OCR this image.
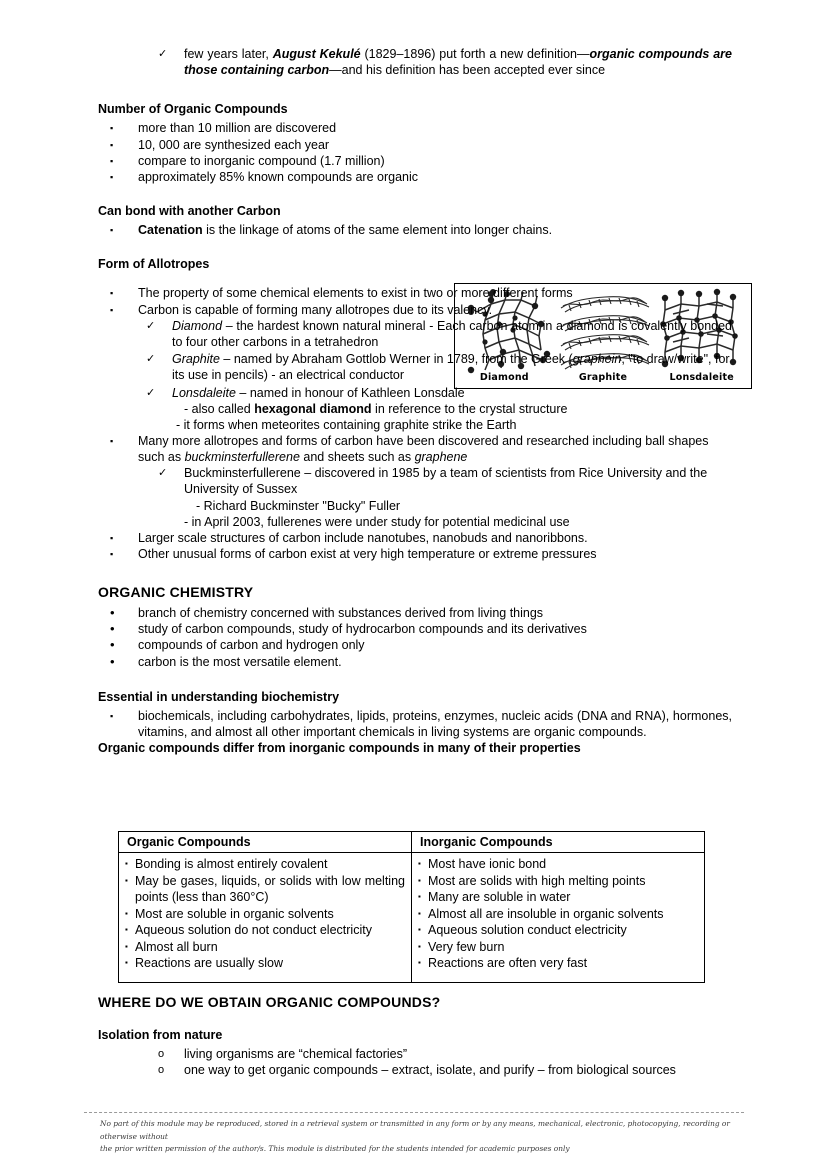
Diamond	Graphite	Lonsdaleite
✓	few years later, August Kekulé (1829–1896) put forth a new definition—organic compounds are those containing carbon—and his definition has been accepted ever since
Number of Organic Compounds
▪	more than 10 million are discovered
▪	10, 000 are synthesized each year
▪	compare to inorganic compound (1.7 million)
▪	approximately 85% known compounds are organic
Can bond with another Carbon
▪	Catenation is the linkage of atoms of the same element into longer chains.
Form of Allotropes
▪	The property of some chemical elements to exist in two or more different forms
▪	Carbon is capable of forming many allotropes due to its valency.
✓	Diamond – the hardest known natural mineral - Each carbon atom in a diamond is covalently bonded to four other carbons in a tetrahedron
✓	Graphite – named by Abraham Gottlob Werner in 1789, from the Greek (graphein, "to draw/write", for its use in pencils) - an electrical conductor
✓	Lonsdaleite – named in honour of Kathleen Lonsdale
- also called hexagonal diamond in reference to the crystal structure
- it forms when meteorites containing graphite strike the Earth
▪	Many more allotropes and forms of carbon have been discovered and researched including ball shapes such as buckminsterfullerene and sheets such as graphene
✓	Buckminsterfullerene – discovered in 1985 by a team of scientists from Rice University and the University of Sussex
- Richard Buckminster "Bucky" Fuller
- in April 2003, fullerenes were under study for potential medicinal use
▪	Larger scale structures of carbon include nanotubes, nanobuds and nanoribbons.
▪	Other unusual forms of carbon exist at very high temperature or extreme pressures
ORGANIC CHEMISTRY
•	branch of chemistry concerned with substances derived from living things
•	study of carbon compounds, study of hydrocarbon compounds and its derivatives
•	compounds of carbon and hydrogen only
•	carbon is the most versatile element.
Essential in understanding biochemistry
▪	biochemicals, including carbohydrates, lipids, proteins, enzymes, nucleic acids (DNA and RNA), hormones, vitamins, and almost all other important chemicals in living systems are organic compounds.
Organic compounds differ from inorganic compounds in many of their properties
Organic Compounds	Inorganic Compounds

▪ Bonding is almost entirely covalent
▪ May be gases, liquids, or solids with low melting points (less than 360°C)
▪ Most are soluble in organic solvents
▪ Aqueous solution do not conduct electricity
▪ Almost all burn
▪ Reactions are usually slow

▪ Most have ionic bond
▪ Most are solids with high melting points
▪ Many are soluble in water
▪ Almost all are insoluble in organic solvents
▪ Aqueous solution conduct electricity
▪ Very few burn
▪ Reactions are often very fast
WHERE DO WE OBTAIN ORGANIC COMPOUNDS?
Isolation from nature
o	living organisms are “chemical factories”
o	one way to get organic compounds – extract, isolate, and purify – from biological sources
No part of this module may be reproduced, stored in a retrieval system or transmitted in any form or by any means, mechanical, electronic, photocopying, recording or otherwise without
the prior written permission of the author/s. This module is distributed for the students intended for academic purposes only
